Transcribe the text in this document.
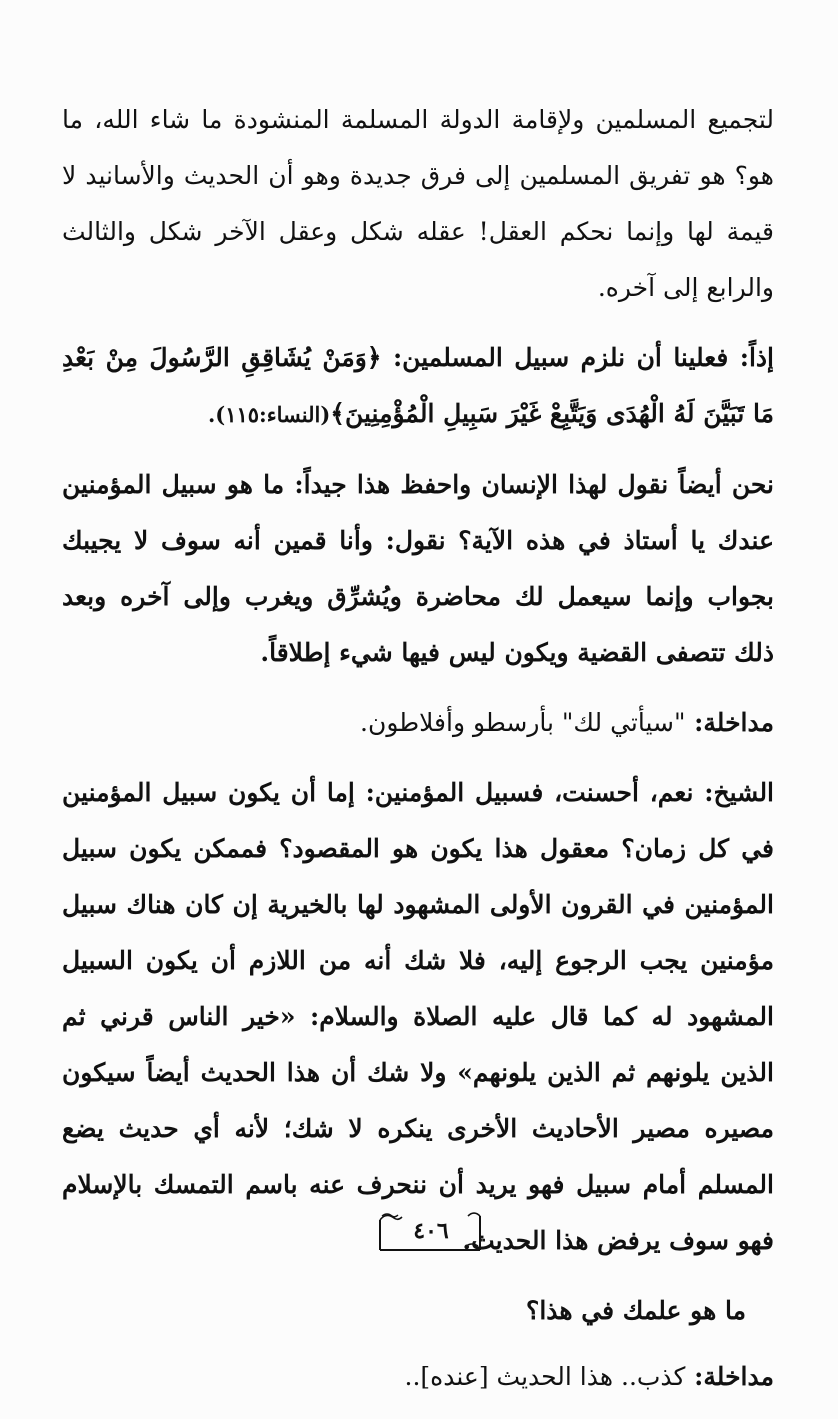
لتجميع المسلمين ولإقامة الدولة المسلمة المنشودة ما شاء الله، ما هو؟ هو تفريق المسلمين إلى فرق جديدة وهو أن الحديث والأسانيد لا قيمة لها وإنما نحكم العقل! عقله شكل وعقل الآخر شكل والثالث والرابع إلى آخره.

إذاً: فعلينا أن نلزم سبيل المسلمين: ﴿وَمَنْ يُشَاقِقِ الرَّسُولَ مِنْ بَعْدِ مَا تَبَيَّنَ لَهُ الْهُدَى وَيَتَّبِعْ غَيْرَ سَبِيلِ الْمُؤْمِنِينَ﴾(النساء:١١٥).

نحن أيضاً نقول لهذا الإنسان واحفظ هذا جيداً: ما هو سبيل المؤمنين عندك يا أستاذ في هذه الآية؟ نقول: وأنا قمين أنه سوف لا يجيبك بجواب وإنما سيعمل لك محاضرة ويُشرِّق ويغرب وإلى آخره وبعد ذلك تتصفى القضية ويكون ليس فيها شيء إطلاقاً.

مداخلة: "سيأتي لك" بأرسطو وأفلاطون.

الشيخ: نعم، أحسنت، فسبيل المؤمنين: إما أن يكون سبيل المؤمنين في كل زمان؟ معقول هذا يكون هو المقصود؟ فممكن يكون سبيل المؤمنين في القرون الأولى المشهود لها بالخيرية إن كان هناك سبيل مؤمنين يجب الرجوع إليه، فلا شك أنه من اللازم أن يكون السبيل المشهود له كما قال عليه الصلاة والسلام: «خير الناس قرني ثم الذين يلونهم ثم الذين يلونهم» ولا شك أن هذا الحديث أيضاً سيكون مصيره مصير الأحاديث الأخرى ينكره لا شك؛ لأنه أي حديث يضع المسلم أمام سبيل فهو يريد أن ننحرف عنه باسم التمسك بالإسلام فهو سوف يرفض هذا الحديث.

ما هو علمك في هذا؟

مداخلة: كذب.. هذا الحديث [عنده]..

٤٠٦
